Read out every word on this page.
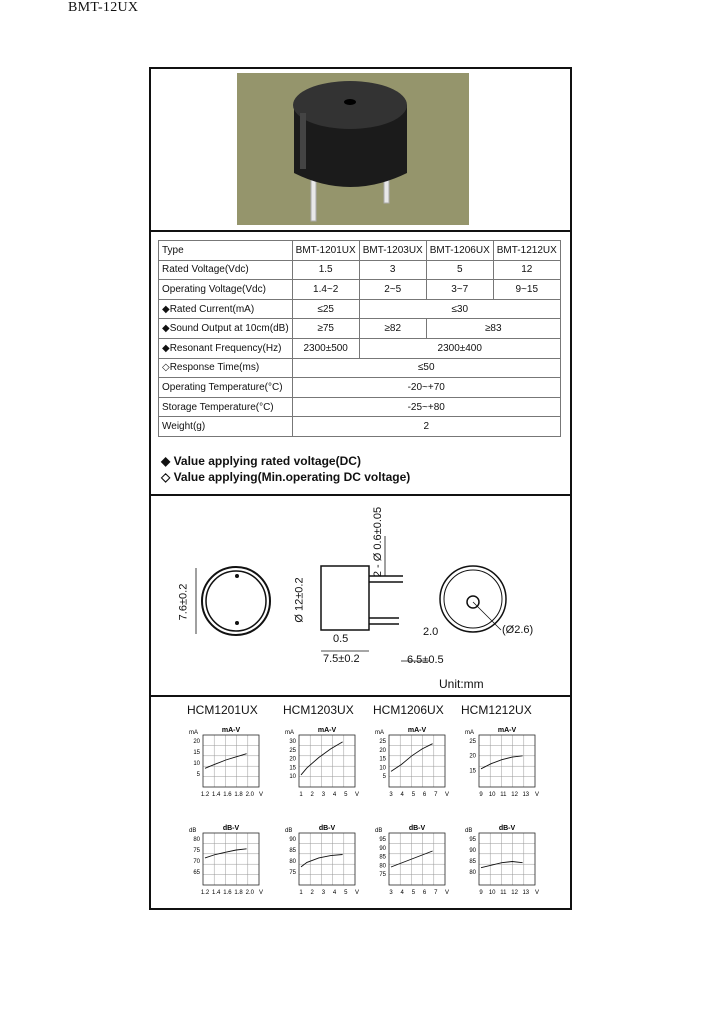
BMT-12UX
Type	BMT-1201UX	BMT-1203UX	BMT-1206UX	BMT-1212UX
Rated Voltage(Vdc)	1.5	3	5	12
Operating Voltage(Vdc)	1.4~2	2~5	3~7	9~15
◆Rated Current(mA)	≤25	≤30		
◆Sound Output at 10cm(dB)	≥75	≥82	≥83	
◆Resonant Frequency(Hz)	2300±500	2300±400		
◇Response Time(ms)	≤50			
Operating Temperature(°C)	-20~+70			
Storage Temperature(°C)	-25~+80			
Weight(g)	2			
◆ Value applying rated voltage(DC)
◇ Value applying(Min.operating DC voltage)
2 - Ø 0.6±0.05
7.6±0.2	Ø 12±0.2
0.5
2.0
7.5±0.2	6.5±0.5
(Ø2.6)
Unit:mm
HCM1201UX HCM1203UX HCM1206UX HCM1212UX
mA-V
mA
20
15
10
5
1.2 1.4 1.6 1.8 2.0 V
mA-V
mA
30
25
20
15
10
1 2 3 4 5 V
mA-V
mA
25
20
15
10
5
3 4 5 6 7 V
mA-V
mA
25
20
15
9 10 11 12 13 V
dB-V
dB
80
75
70
65
1.2 1.4 1.6 1.8 2.0 V
dB-V
dB
90
85
80
75
1 2 3 4 5 V
dB-V
dB
95
90
85
80
75
3 4 5 6 7 V
dB-V
dB
95
90
85
80
9 10 11 12 13 V
